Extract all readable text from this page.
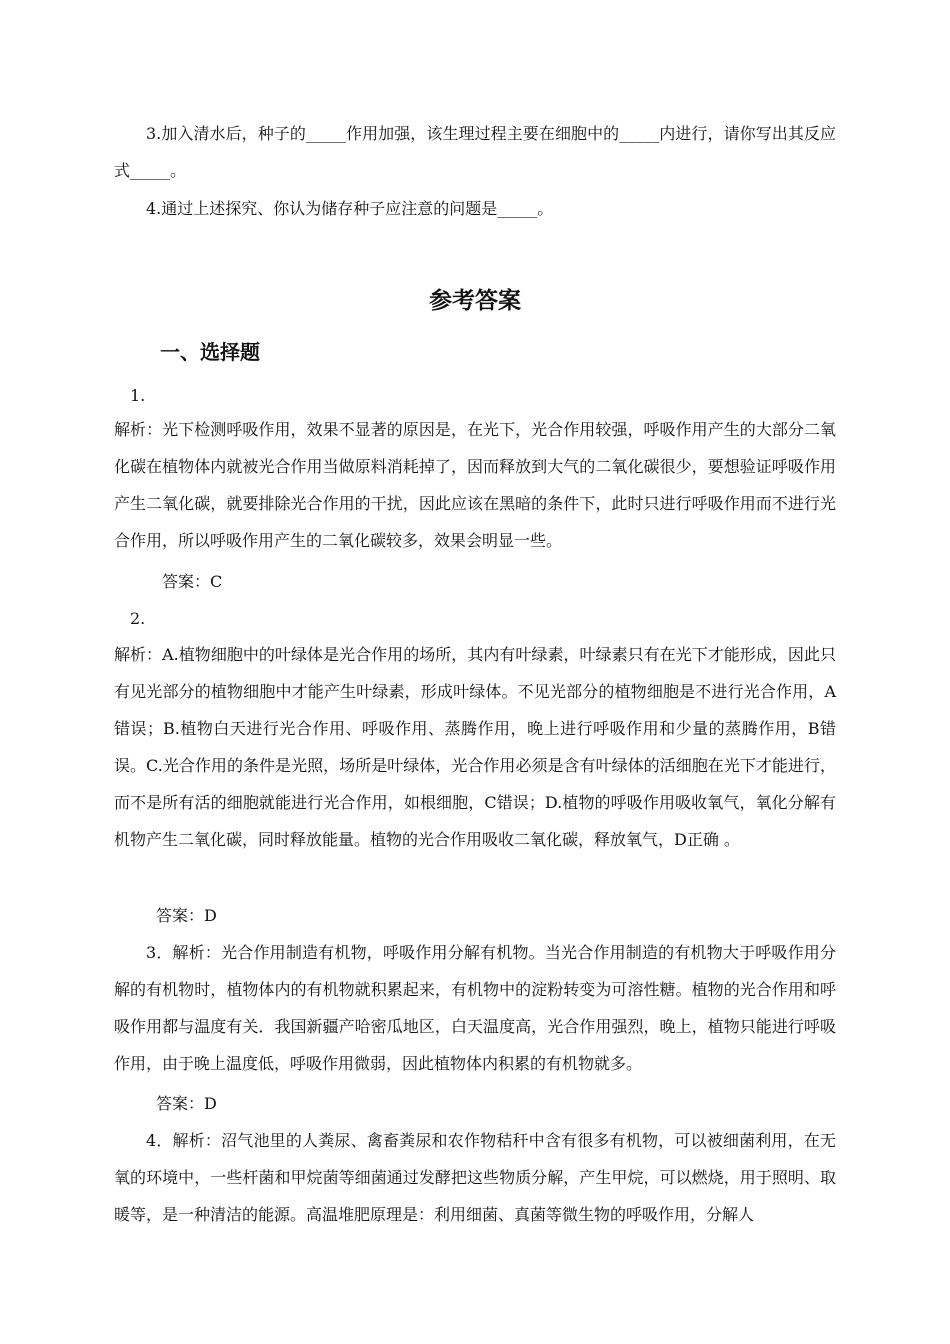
3.加入清水后，种子的_____作用加强，该生理过程主要在细胞中的_____内进行，请你写出其反应式_____。

4.通过上述探究、你认为储存种子应注意的问题是_____。

参考答案
一、选择题

1.

解析：光下检测呼吸作用，效果不显著的原因是，在光下，光合作用较强，呼吸作用产生的大部分二氧化碳在植物体内就被光合作用当做原料消耗掉了，因而释放到大气的二氧化碳很少，要想验证呼吸作用产生二氧化碳，就要排除光合作用的干扰，因此应该在黑暗的条件下，此时只进行呼吸作用而不进行光合作用，所以呼吸作用产生的二氧化碳较多，效果会明显一些。

答案：C

2.

解析：A.植物细胞中的叶绿体是光合作用的场所，其内有叶绿素，叶绿素只有在光下才能形成，因此只有见光部分的植物细胞中才能产生叶绿素，形成叶绿体。不见光部分的植物细胞是不进行光合作用，A错误；B.植物白天进行光合作用、呼吸作用、蒸腾作用，晚上进行呼吸作用和少量的蒸腾作用，B错误。C.光合作用的条件是光照，场所是叶绿体，光合作用必须是含有叶绿体的活细胞在光下才能进行，而不是所有活的细胞就能进行光合作用，如根细胞，C错误；D.植物的呼吸作用吸收氧气，氧化分解有机物产生二氧化碳，同时释放能量。植物的光合作用吸收二氧化碳，释放氧气，D正确 。

答案：D

3．解析：光合作用制造有机物，呼吸作用分解有机物。当光合作用制造的有机物大于呼吸作用分解的有机物时，植物体内的有机物就积累起来，有机物中的淀粉转变为可溶性糖。植物的光合作用和呼吸作用都与温度有关．我国新疆产哈密瓜地区，白天温度高，光合作用强烈，晚上，植物只能进行呼吸作用，由于晚上温度低，呼吸作用微弱，因此植物体内积累的有机物就多。

答案：D

4．解析：沼气池里的人粪尿、禽畜粪尿和农作物秸秆中含有很多有机物，可以被细菌利用，在无氧的环境中，一些杆菌和甲烷菌等细菌通过发酵把这些物质分解，产生甲烷，可以燃烧，用于照明、取暖等，是一种清洁的能源。高温堆肥原理是：利用细菌、真菌等微生物的呼吸作用，分解人
